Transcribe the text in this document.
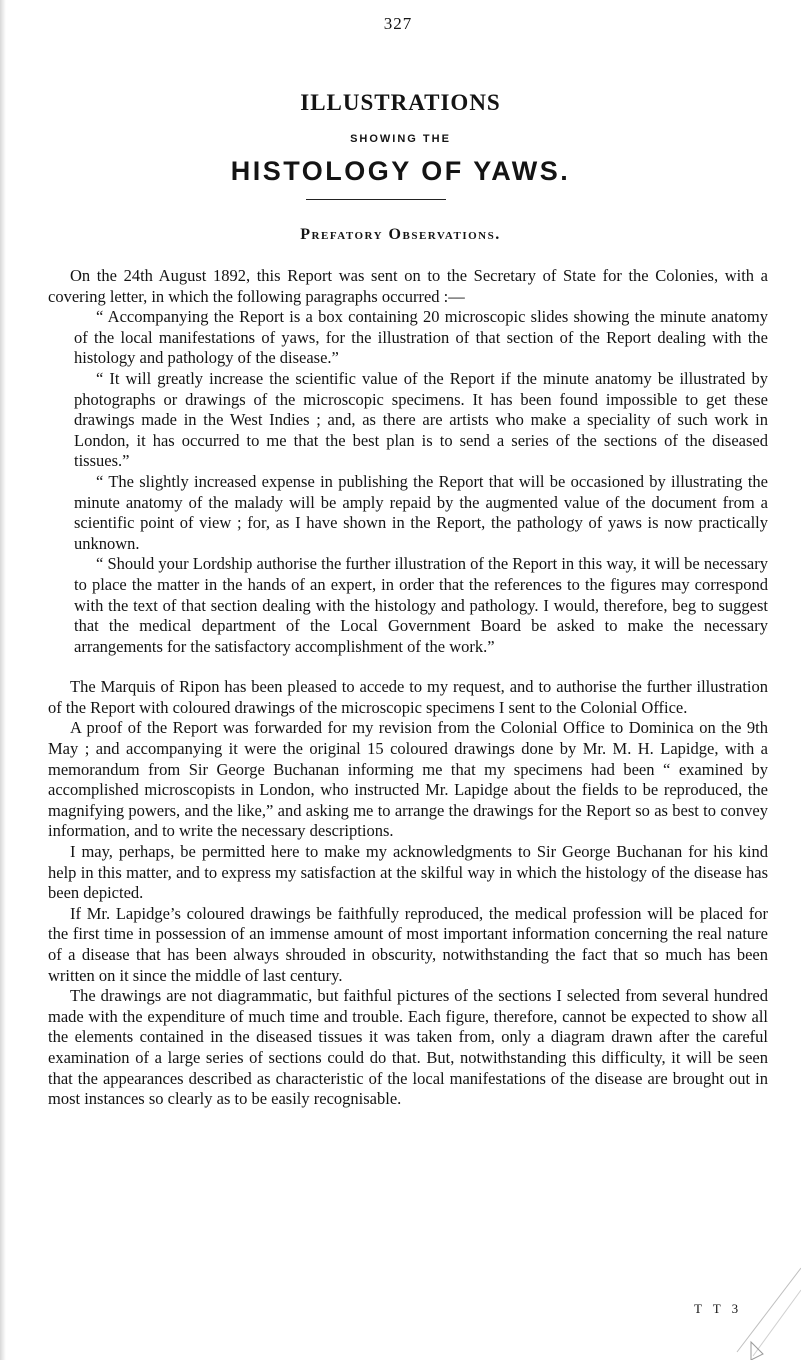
327
ILLUSTRATIONS
SHOWING THE
HISTOLOGY OF YAWS.
Prefatory Observations.

On the 24th August 1892, this Report was sent on to the Secretary of State for the Colonies, with a covering letter, in which the following paragraphs occurred :—

“ Accompanying the Report is a box containing 20 microscopic slides showing the minute anatomy of the local manifestations of yaws, for the illustration of that section of the Report dealing with the histology and pathology of the disease.”

“ It will greatly increase the scientific value of the Report if the minute anatomy be illustrated by photographs or drawings of the microscopic specimens. It has been found impossible to get these drawings made in the West Indies ; and, as there are artists who make a speciality of such work in London, it has occurred to me that the best plan is to send a series of the sections of the diseased tissues.”

“ The slightly increased expense in publishing the Report that will be occasioned by illustrating the minute anatomy of the malady will be amply repaid by the augmented value of the document from a scientific point of view ; for, as I have shown in the Report, the pathology of yaws is now practically unknown.

“ Should your Lordship authorise the further illustration of the Report in this way, it will be necessary to place the matter in the hands of an expert, in order that the references to the figures may correspond with the text of that section dealing with the histology and pathology. I would, therefore, beg to suggest that the medical department of the Local Government Board be asked to make the necessary arrangements for the satisfactory accomplishment of the work.”

The Marquis of Ripon has been pleased to accede to my request, and to authorise the further illustration of the Report with coloured drawings of the microscopic specimens I sent to the Colonial Office.

A proof of the Report was forwarded for my revision from the Colonial Office to Dominica on the 9th May ; and accompanying it were the original 15 coloured drawings done by Mr. M. H. Lapidge, with a memorandum from Sir George Buchanan informing me that my specimens had been “ examined by accomplished microscopists in London, who instructed Mr. Lapidge about the fields to be reproduced, the magnifying powers, and the like,” and asking me to arrange the drawings for the Report so as best to convey information, and to write the necessary descriptions.

I may, perhaps, be permitted here to make my acknowledgments to Sir George Buchanan for his kind help in this matter, and to express my satisfaction at the skilful way in which the histology of the disease has been depicted.

If Mr. Lapidge’s coloured drawings be faithfully reproduced, the medical profession will be placed for the first time in possession of an immense amount of most important information concerning the real nature of a disease that has been always shrouded in obscurity, notwithstanding the fact that so much has been written on it since the middle of last century.

The drawings are not diagrammatic, but faithful pictures of the sections I selected from several hundred made with the expenditure of much time and trouble. Each figure, therefore, cannot be expected to show all the elements contained in the diseased tissues it was taken from, only a diagram drawn after the careful examination of a large series of sections could do that. But, notwithstanding this difficulty, it will be seen that the appearances described as characteristic of the local manifestations of the disease are brought out in most instances so clearly as to be easily recognisable.

T T 3
